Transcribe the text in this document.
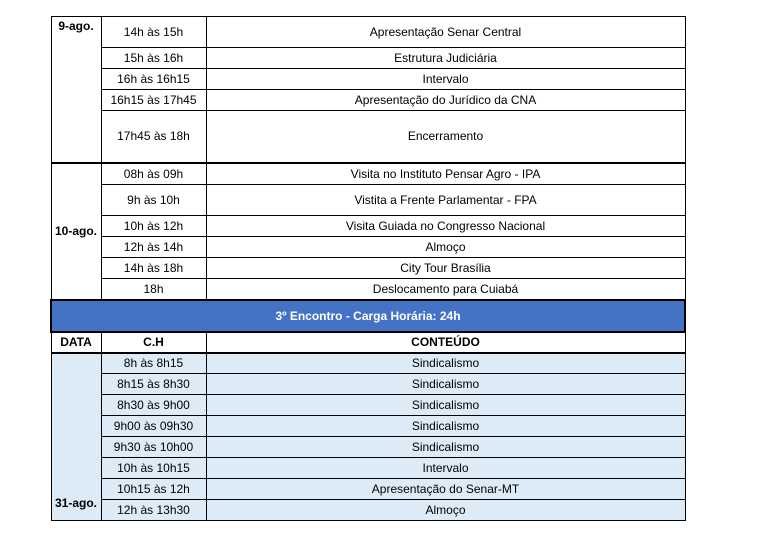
9-ago.	14h às 15h	Apresentação Senar Central
	15h às 16h	Estrutura Judiciária
	16h às 16h15	Intervalo
	16h15 às 17h45	Apresentação do Jurídico da CNA
	17h45 às 18h	Encerramento
10-ago.	08h às 09h	Visita no Instituto Pensar Agro - IPA
	9h às 10h	Vistita a Frente Parlamentar - FPA
	10h às 12h	Visita Guiada no Congresso Nacional
	12h às 14h	Almoço
	14h às 18h	City Tour Brasília
	18h	Deslocamento para Cuiabá
3º Encontro - Carga Horária: 24h		
DATA	C.H	CONTEÚDO
31-ago.	8h às 8h15	Sindicalismo
	8h15 às 8h30	Sindicalismo
	8h30 às 9h00	Sindicalismo
	9h00 às 09h30	Sindicalismo
	9h30 às 10h00	Sindicalismo
	10h às 10h15	Intervalo
	10h15 às 12h	Apresentação do Senar-MT
	12h às 13h30	Almoço
